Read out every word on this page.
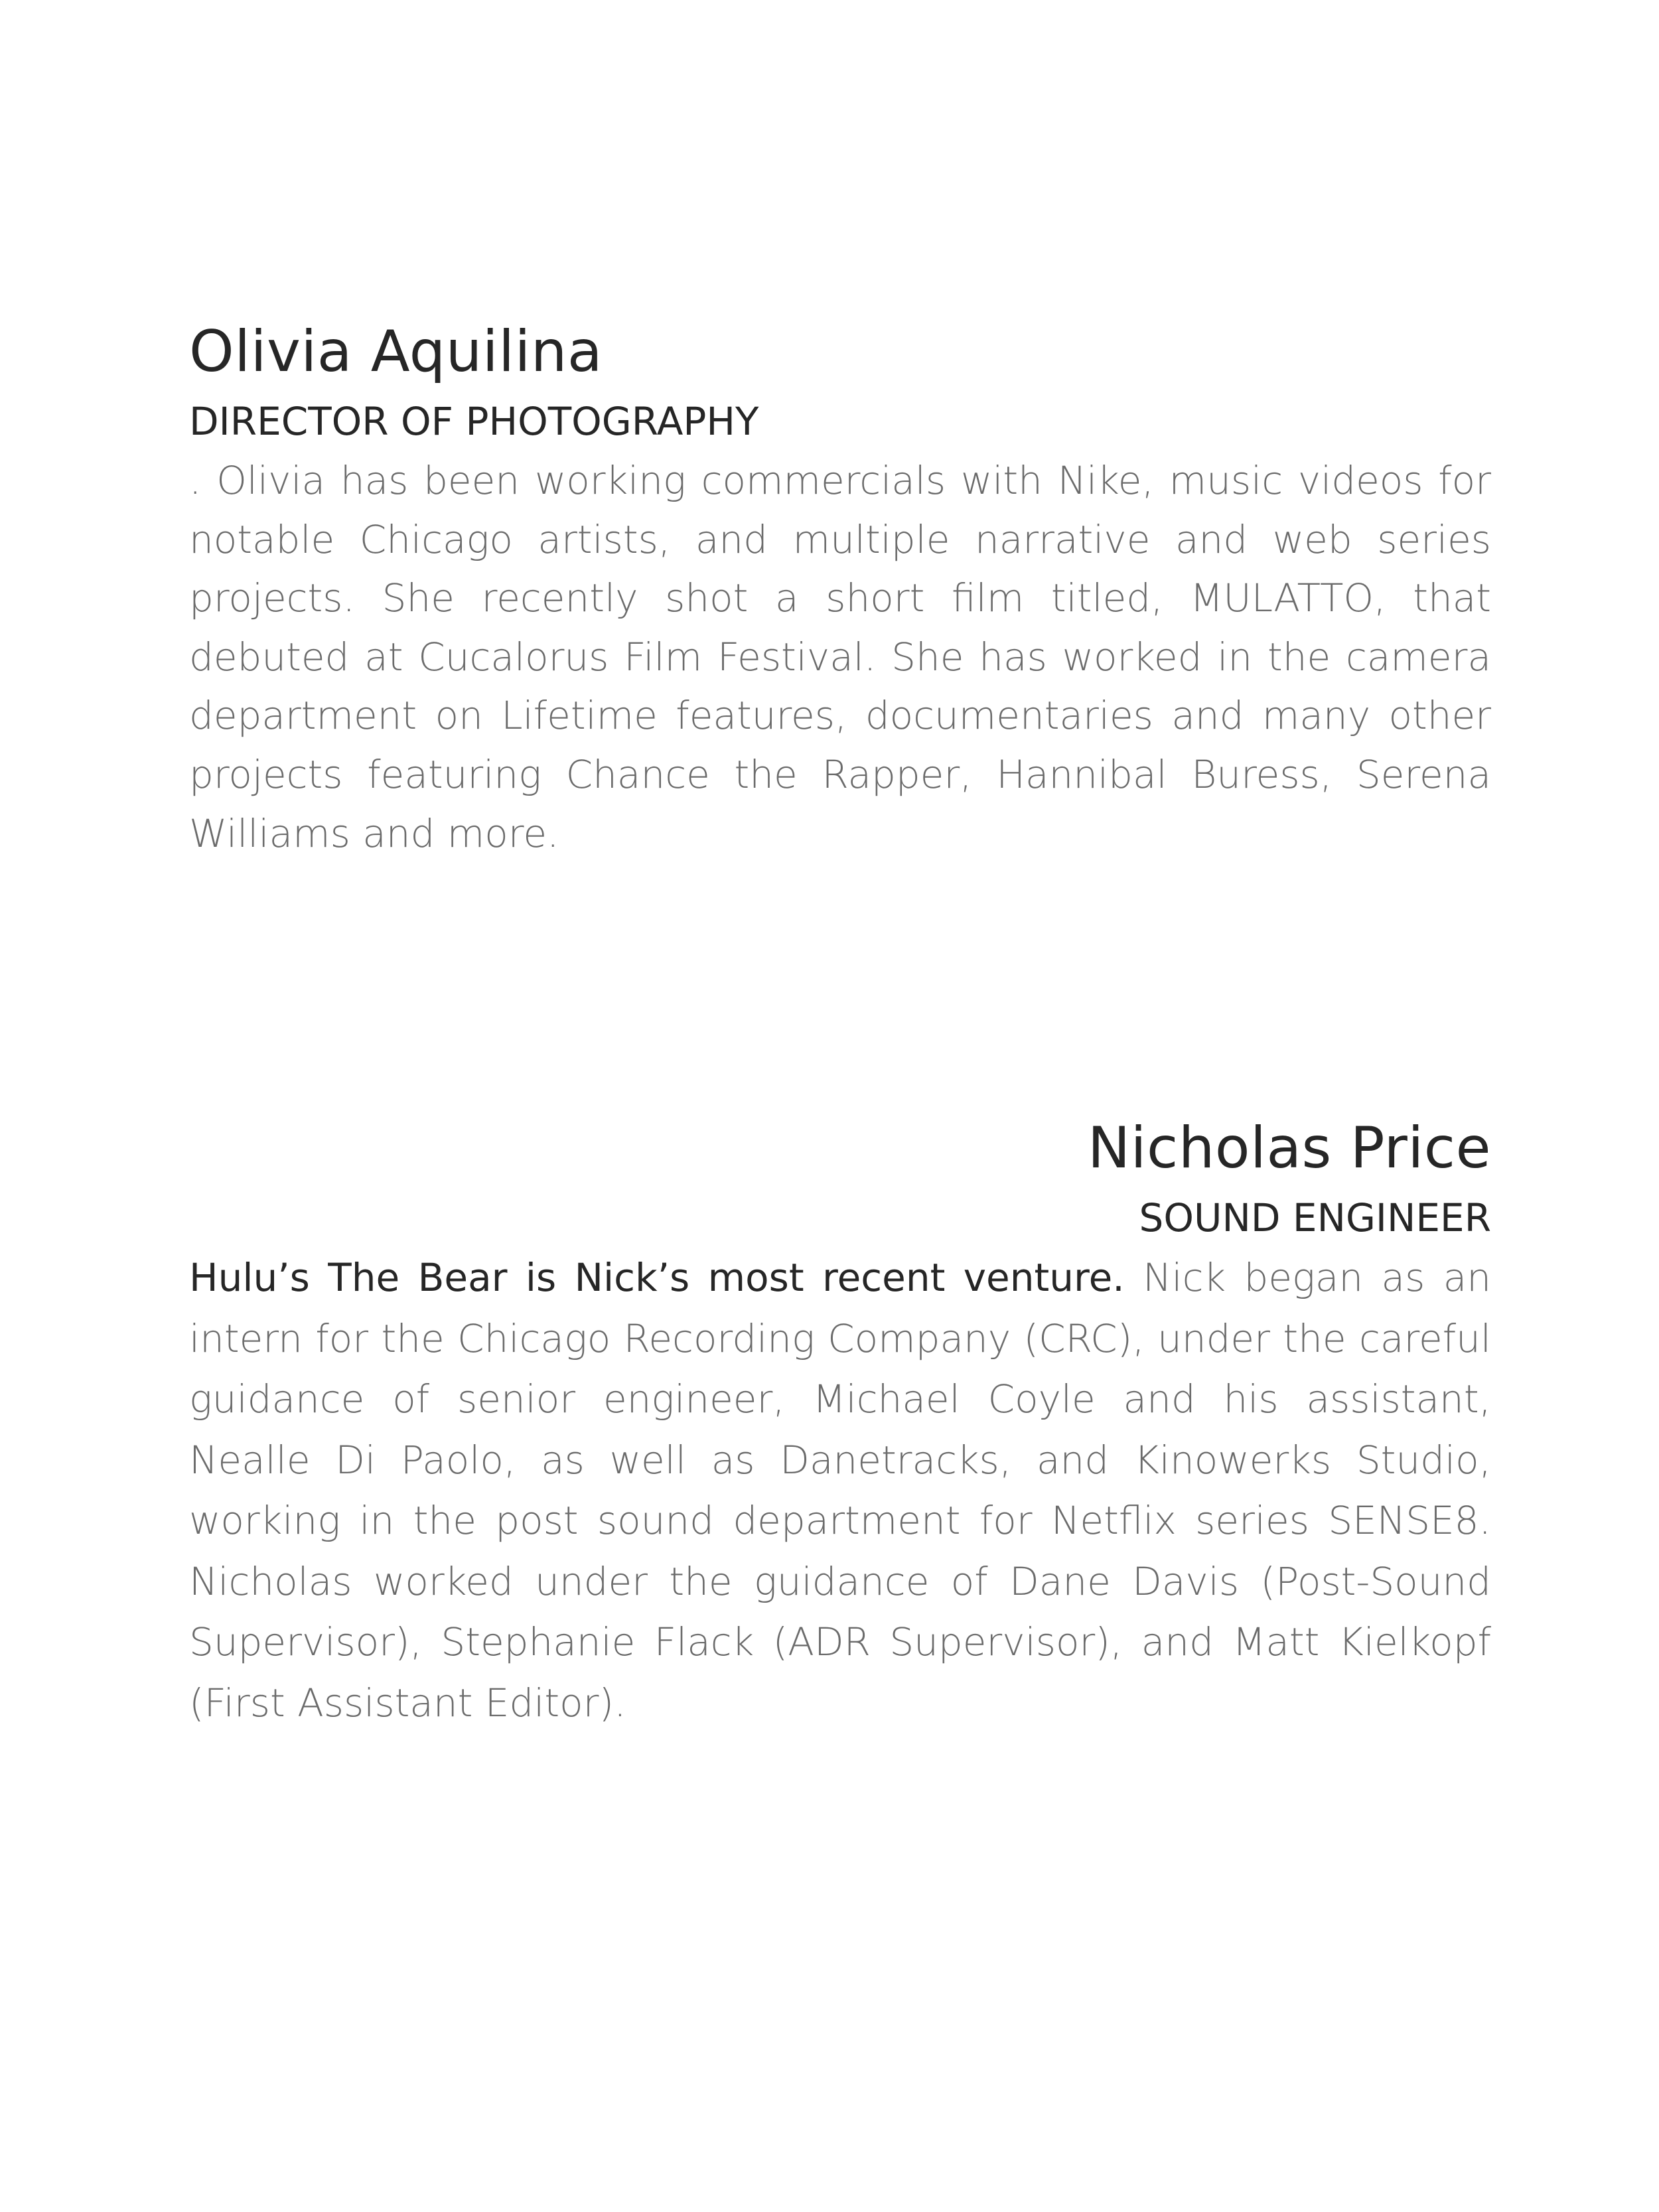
Olivia Aquilina
DIRECTOR OF PHOTOGRAPHY

. Olivia has been working commercials with Nike, music videos for notable Chicago artists, and multiple narrative and web series projects. She recently shot a short film titled, MULATTO, that debuted at Cucalorus Film Festival. She has worked in the camera department on Lifetime features, documentaries and many other projects featuring Chance the Rapper, Hannibal Buress, Serena Williams and more.

Nicholas Price
SOUND ENGINEER

Hulu’s The Bear is Nick’s most recent venture. Nick began as an intern for the Chicago Recording Company (CRC), under the careful guidance of senior engineer, Michael Coyle and his assistant, Nealle Di Paolo, as well as Danetracks, and Kinowerks Studio, working in the post sound department for Netflix series SENSE8. Nicholas worked under the guidance of Dane Davis (Post-Sound Supervisor), Stephanie Flack (ADR Supervisor), and Matt Kielkopf (First Assistant Editor).
